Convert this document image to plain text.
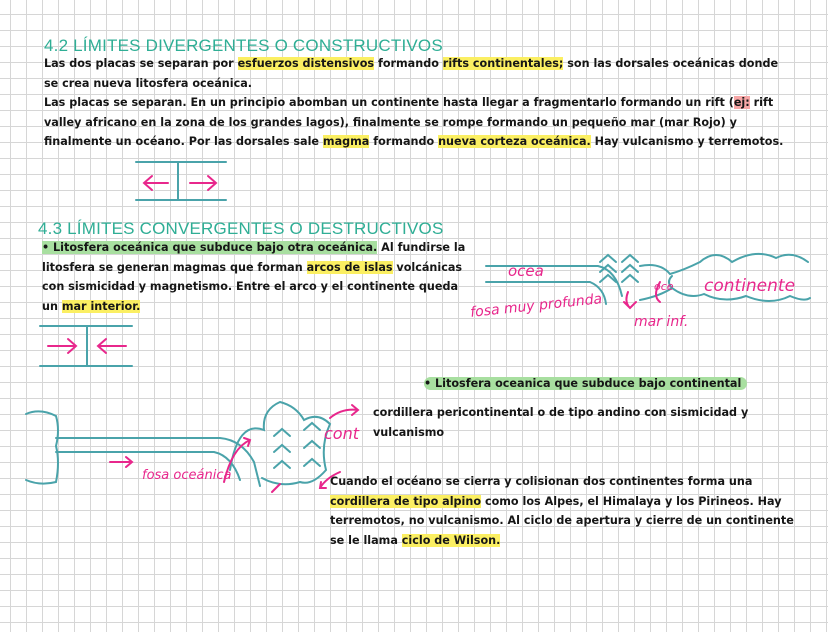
4.2 LÍMITES DIVERGENTES O CONSTRUCTIVOS
Las dos placas se separan por esfuerzos distensivos formando rifts continentales; son las dorsales oceánicas donde se crea nueva litosfera oceánica.
Las placas se separan. En un principio abomban un continente hasta llegar a fragmentarlo formando un rift (ej: rift valley africano en la zona de los grandes lagos), finalmente se rompe formando un pequeño mar (mar Rojo) y finalmente un océano. Por las dorsales sale magma formando nueva corteza oceánica. Hay vulcanismo y terremotos.
4.3 LÍMITES CONVERGENTES O DESTRUCTIVOS
• Litosfera oceánica que subduce bajo otra oceánica. Al fundirse la litosfera se generan magmas que forman arcos de islas volcánicas con sismicidad y magnetismo. Entre el arco y el continente queda un mar interior.
• Litosfera oceanica que subduce bajo continental
cordillera pericontinental o de tipo andino con sismicidad y vulcanismo
Cuando el océano se cierra y colisionan dos continentes forma una cordillera de tipo alpino como los Alpes, el Himalaya y los Pirineos. Hay terremotos, no vulcanismo. Al ciclo de apertura y cierre de un continente se le llama ciclo de Wilson.
ocea
fosa muy profunda
oce continente
mar inf.
cont
fosa oceánica
